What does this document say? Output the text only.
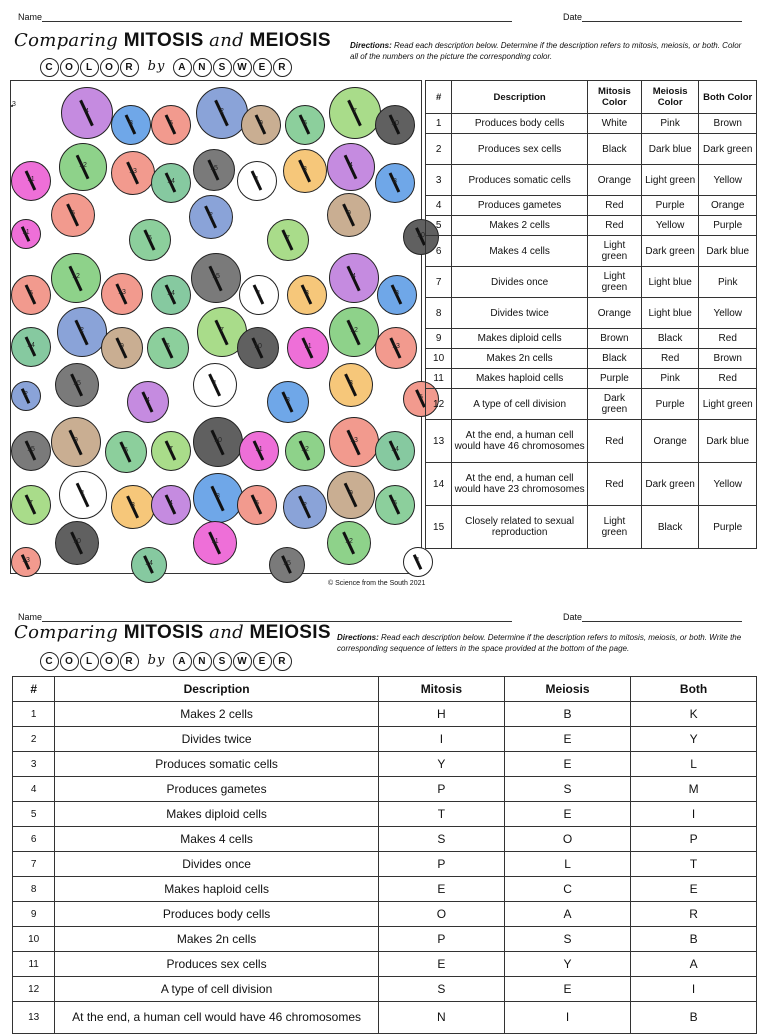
Name	Date
Comparing MITOSIS and MEIOSIS
C O L O R by A N S W E R
Directions: Read each description below. Determine if the description refers to mitosis, meiosis, or both. Color all of the numbers on the picture the corresponding color.
3
4
8	5
2
9	6
7
10
11
12
13
14
15
1
3
4
8
5	2	9
6	7	10
11
12
13	14
15
1	3
4
8
5
2
9	6
7
10	11
12
13
14
15	1	3
4	8	5
2
9
6	7
10
11	12
13
14
15
1
3	4
8
5	2
9
6
7
10	11	12
13	14	15	1
#	Description	Mitosis Color	Meiosis Color	Both Color
1	Produces body cells	White	Pink	Brown
2	Produces sex cells	Black	Dark blue	Dark green
3	Produces somatic cells	Orange	Light green	Yellow
4	Produces gametes	Red	Purple	Orange
5	Makes 2 cells	Red	Yellow	Purple
6	Makes 4 cells	Light green	Dark green	Dark blue
7	Divides once	Light green	Light blue	Pink
8	Divides twice	Orange	Light blue	Yellow
9	Makes diploid cells	Brown	Black	Red
10	Makes 2n cells	Black	Red	Brown
11	Makes haploid cells	Purple	Pink	Red
12	A type of cell division	Dark green	Purple	Light green
13	At the end, a human cell would have 46 chromosomes	Red	Orange	Dark blue
14	At the end, a human cell would have 23 chromosomes	Red	Dark green	Yellow
15	Closely related to sexual reproduction	Light green	Black	Purple
© Science from the South 2021
Name	Date
Comparing MITOSIS and MEIOSIS
C O L O R by A N S W E R
Directions: Read each description below. Determine if the description refers to mitosis, meiosis, or both. Write the corresponding sequence of letters in the space provided at the bottom of the page.
#	Description	Mitosis	Meiosis	Both
1	Makes 2 cells	H	B	K
2	Divides twice	I	E	Y
3	Produces somatic cells	Y	E	L
4	Produces gametes	P	S	M
5	Makes diploid cells	T	E	I
6	Makes 4 cells	S	O	P
7	Divides once	P	L	T
8	Makes haploid cells	E	C	E
9	Produces body cells	O	A	R
10	Makes 2n cells	P	S	B
11	Produces sex cells	E	Y	A
12	A type of cell division	S	E	I
13	At the end, a human cell would have 46 chromosomes	N	I	B
